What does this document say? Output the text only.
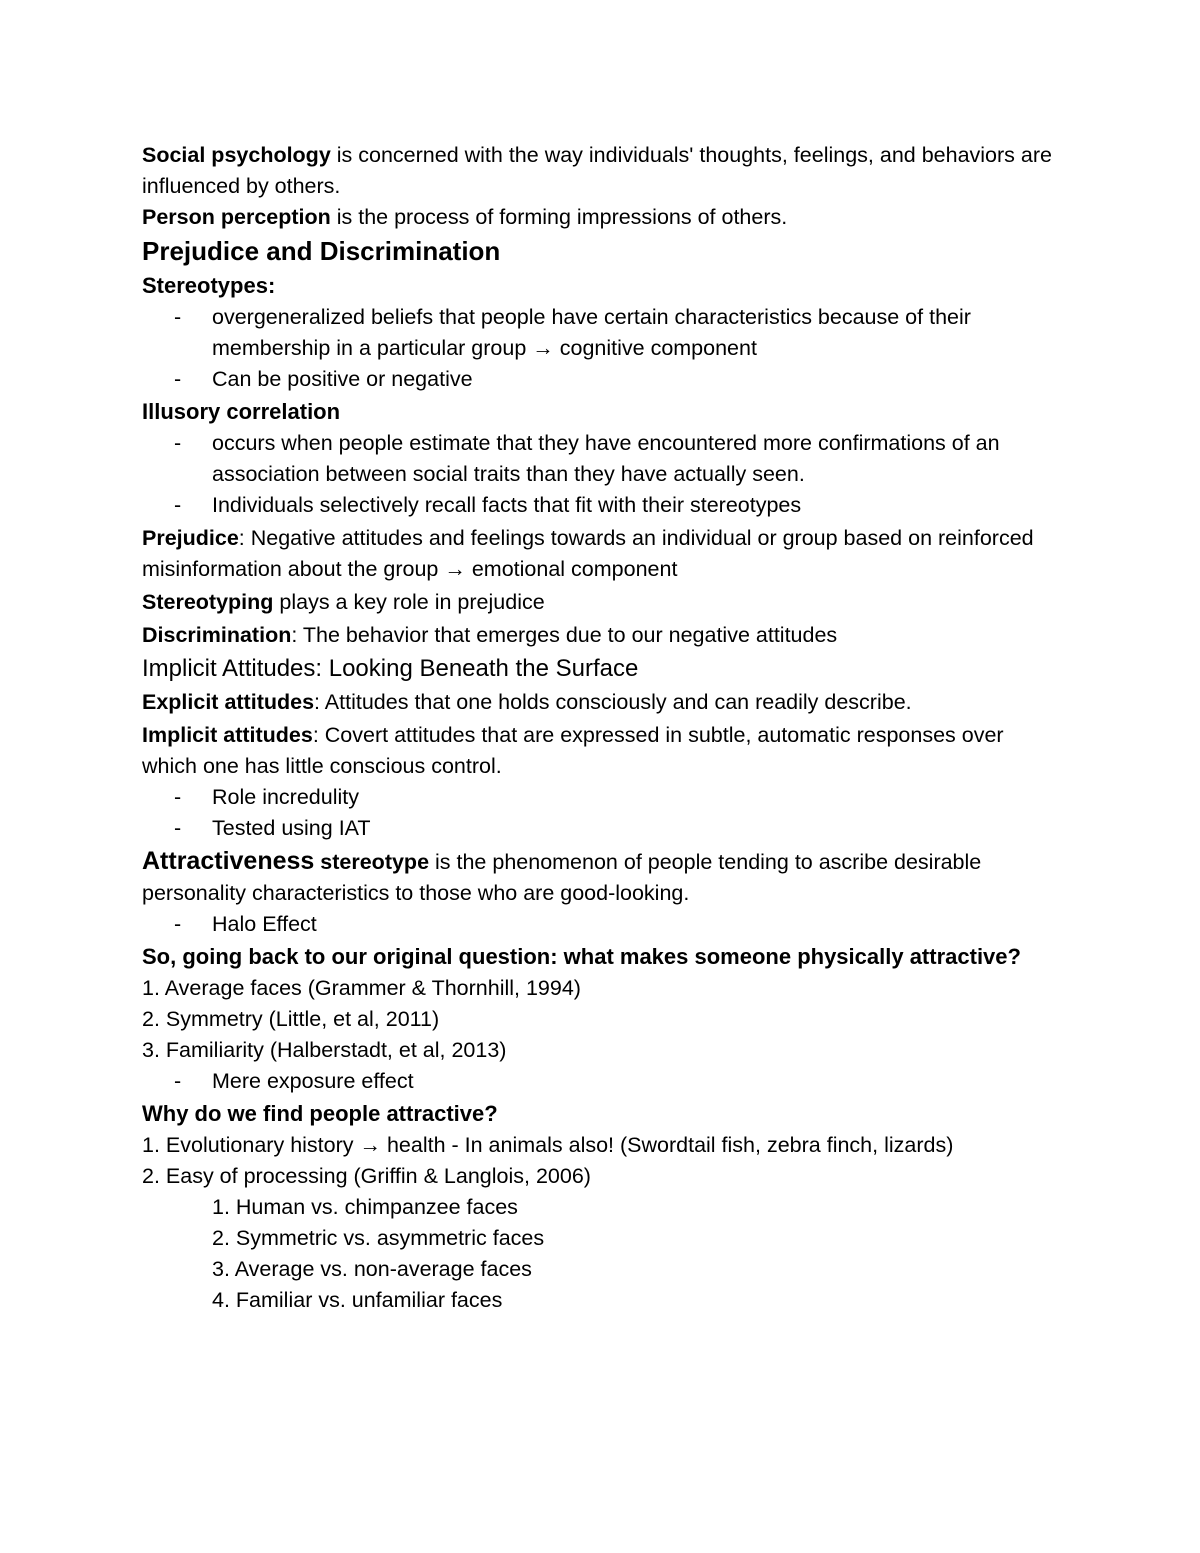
Social psychology is concerned with the way individuals' thoughts, feelings, and behaviors are influenced by others.

Person perception is the process of forming impressions of others.

Prejudice and Discrimination

Stereotypes:

- overgeneralized beliefs that people have certain characteristics because of their membership in a particular group → cognitive component

- Can be positive or negative

Illusory correlation

- occurs when people estimate that they have encountered more confirmations of an association between social traits than they have actually seen.

- Individuals selectively recall facts that fit with their stereotypes

Prejudice: Negative attitudes and feelings towards an individual or group based on reinforced misinformation about the group → emotional component

Stereotyping plays a key role in prejudice

Discrimination: The behavior that emerges due to our negative attitudes

Implicit Attitudes: Looking Beneath the Surface

Explicit attitudes: Attitudes that one holds consciously and can readily describe.

Implicit attitudes: Covert attitudes that are expressed in subtle, automatic responses over which one has little conscious control.

- Role incredulity

- Tested using IAT

Attractiveness stereotype is the phenomenon of people tending to ascribe desirable personality characteristics to those who are good-looking.

- Halo Effect

So, going back to our original question: what makes someone physically attractive?

1. Average faces (Grammer & Thornhill, 1994)

2. Symmetry (Little, et al, 2011)

3. Familiarity (Halberstadt, et al, 2013)

- Mere exposure effect

Why do we find people attractive?

1. Evolutionary history → health - In animals also! (Swordtail fish, zebra finch, lizards)

2. Easy of processing (Griffin & Langlois, 2006)

1. Human vs. chimpanzee faces

2. Symmetric vs. asymmetric faces

3. Average vs. non-average faces

4. Familiar vs. unfamiliar faces
